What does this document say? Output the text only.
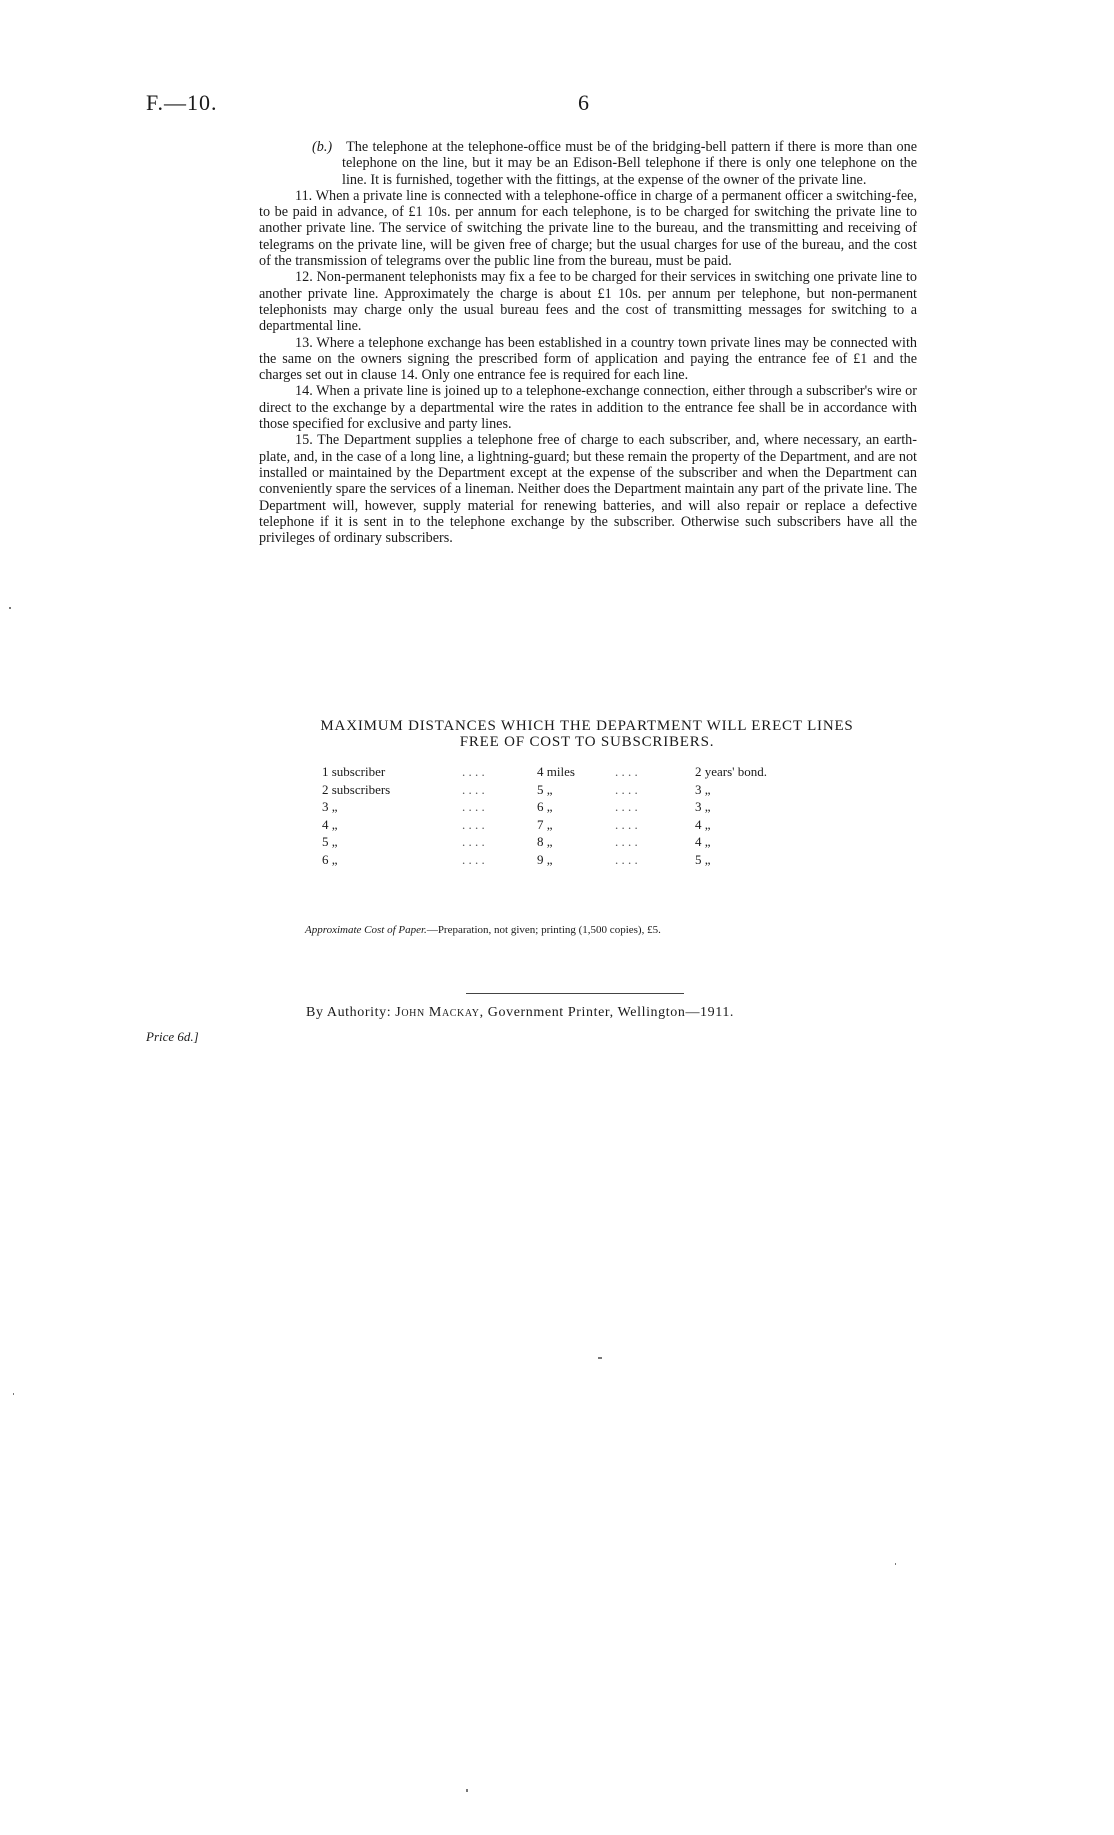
F.—10.	6

(b.) The telephone at the telephone-office must be of the bridging-bell pattern if there is more than one telephone on the line, but it may be an Edison-Bell telephone if there is only one telephone on the line. It is furnished, together with the fittings, at the expense of the owner of the private line.

11. When a private line is connected with a telephone-office in charge of a permanent officer a switching-fee, to be paid in advance, of £1 10s. per annum for each telephone, is to be charged for switching the private line to another private line. The service of switching the private line to the bureau, and the transmitting and receiving of telegrams on the private line, will be given free of charge; but the usual charges for use of the bureau, and the cost of the transmission of telegrams over the public line from the bureau, must be paid.

12. Non-permanent telephonists may fix a fee to be charged for their services in switching one private line to another private line. Approximately the charge is about £1 10s. per annum per telephone, but non-permanent telephonists may charge only the usual bureau fees and the cost of transmitting messages for switching to a departmental line.

13. Where a telephone exchange has been established in a country town private lines may be connected with the same on the owners signing the prescribed form of application and paying the entrance fee of £1 and the charges set out in clause 14. Only one entrance fee is required for each line.

14. When a private line is joined up to a telephone-exchange connection, either through a subscriber's wire or direct to the exchange by a departmental wire the rates in addition to the entrance fee shall be in accordance with those specified for exclusive and party lines.

15. The Department supplies a telephone free of charge to each subscriber, and, where necessary, an earth-plate, and, in the case of a long line, a lightning-guard; but these remain the property of the Department, and are not installed or maintained by the Department except at the expense of the subscriber and when the Department can conveniently spare the services of a lineman. Neither does the Department maintain any part of the private line. The Department will, however, supply material for renewing batteries, and will also repair or replace a defective telephone if it is sent in to the telephone exchange by the subscriber. Otherwise such subscribers have all the privileges of ordinary subscribers.

MAXIMUM DISTANCES WHICH THE DEPARTMENT WILL ERECT LINES
FREE OF COST TO SUBSCRIBERS.
1 subscriber	. . . .	4 miles	. . . .	2 years' bond.
2 subscribers	. . . .	5 „	. . . .	3 „
3 „	. . . .	6 „	. . . .	3 „
4 „	. . . .	7 „	. . . .	4 „
5 „	. . . .	8 „	. . . .	4 „
6 „	. . . .	9 „	. . . .	5 „
Approximate Cost of Paper.—Preparation, not given; printing (1,500 copies), £5.
By Authority: John Mackay, Government Printer, Wellington—1911.
Price 6d.]
